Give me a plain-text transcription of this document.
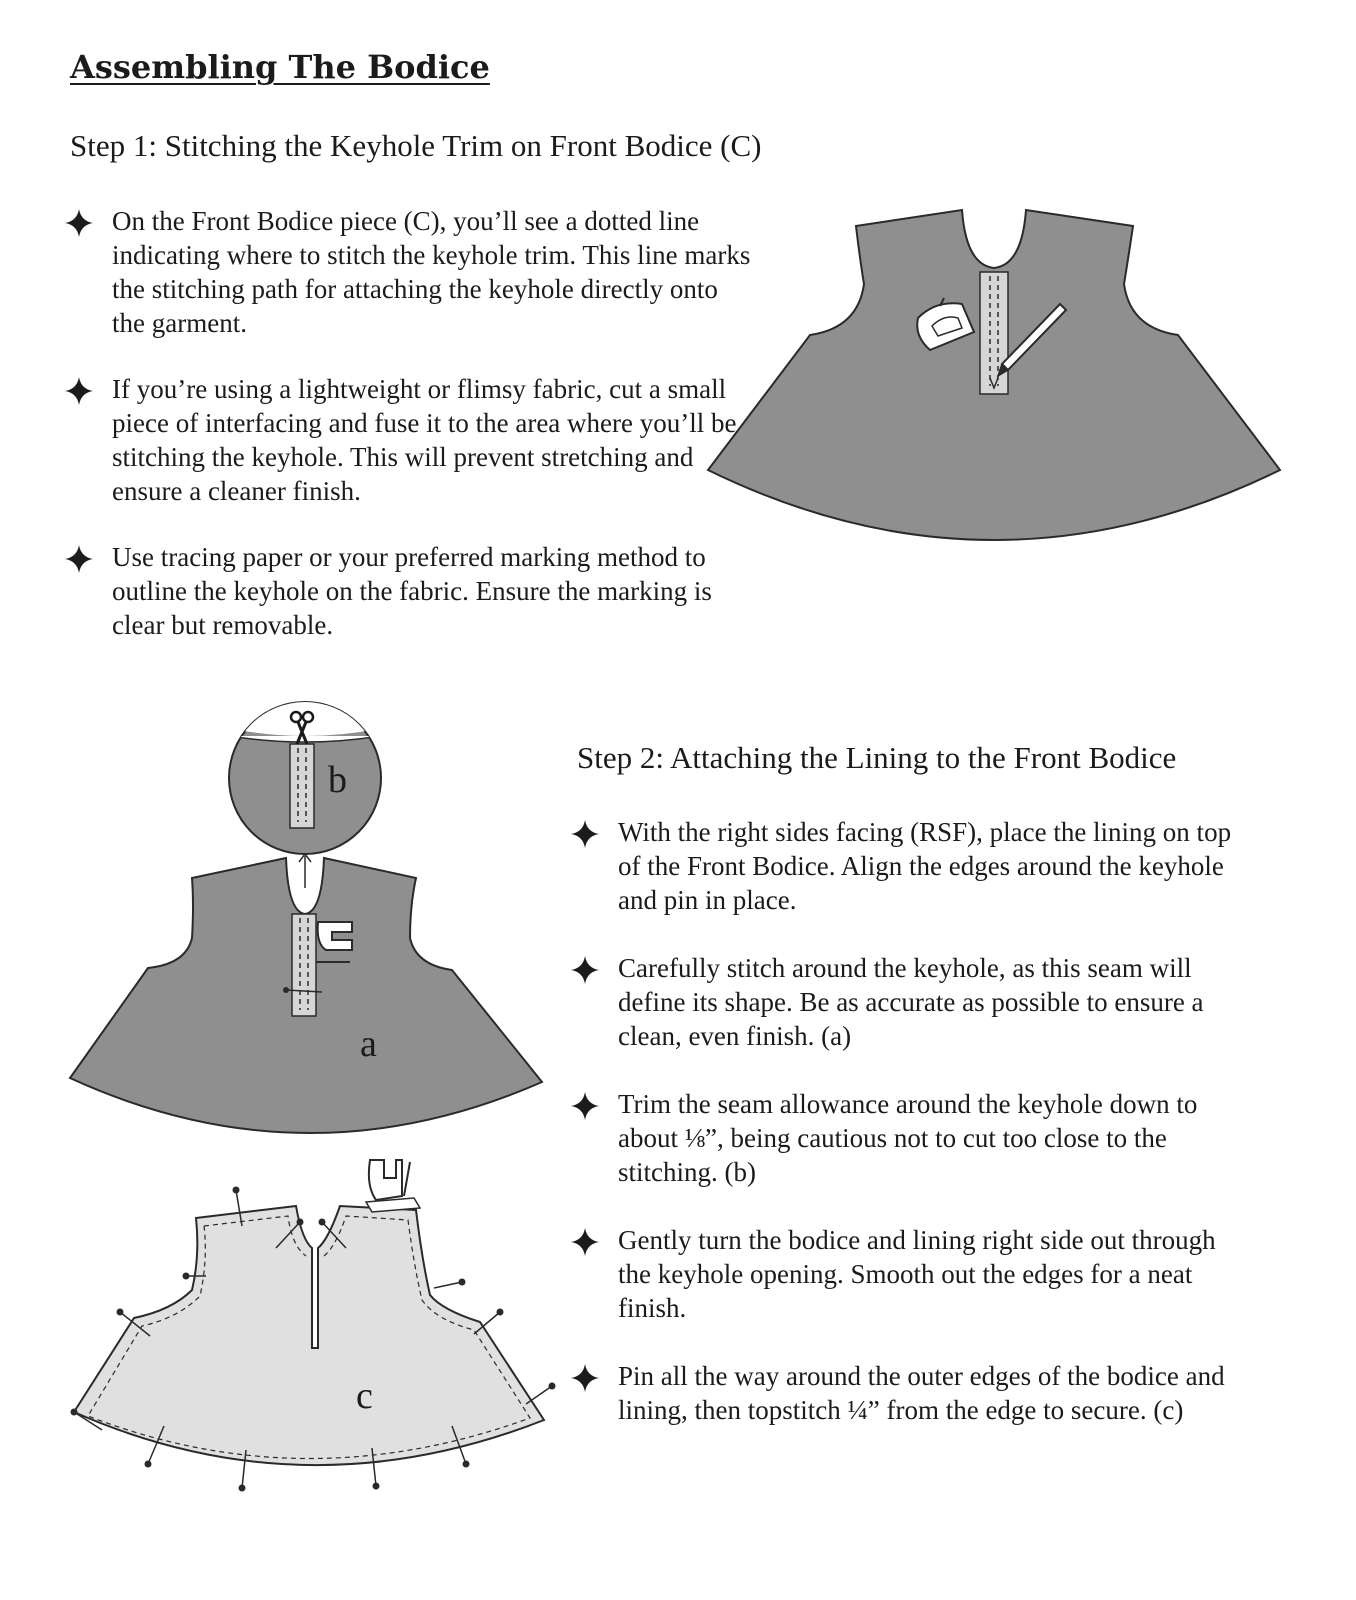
Assembling The Bodice
Step 1: Stitching the Keyhole Trim on Front Bodice (C)
On the Front Bodice piece (C), you’ll see a dotted line indicating where to stitch the keyhole trim. This line marks the stitching path for attaching the keyhole directly onto the garment.
If you’re using a lightweight or flimsy fabric, cut a small piece of interfacing and fuse it to the area where you’ll be stitching the keyhole. This will prevent stretching and ensure a cleaner finish.
Use tracing paper or your preferred marking method to outline the keyhole on the fabric. Ensure the marking is clear but removable.
Step 2: Attaching the Lining to the Front Bodice
With the right sides facing (RSF), place the lining on top of the Front Bodice. Align the edges around the keyhole and pin in place.
Carefully stitch around the keyhole, as this seam will define its shape. Be as accurate as possible to ensure a clean, even finish. (a)
Trim the seam allowance around the keyhole down to about ⅛”, being cautious not to cut too close to the stitching. (b)
Gently turn the bodice and lining right side out through the keyhole opening. Smooth out the edges for a neat finish.
Pin all the way around the outer edges of the bodice and lining, then topstitch ¼” from the edge to secure. (c)
b
a
c
